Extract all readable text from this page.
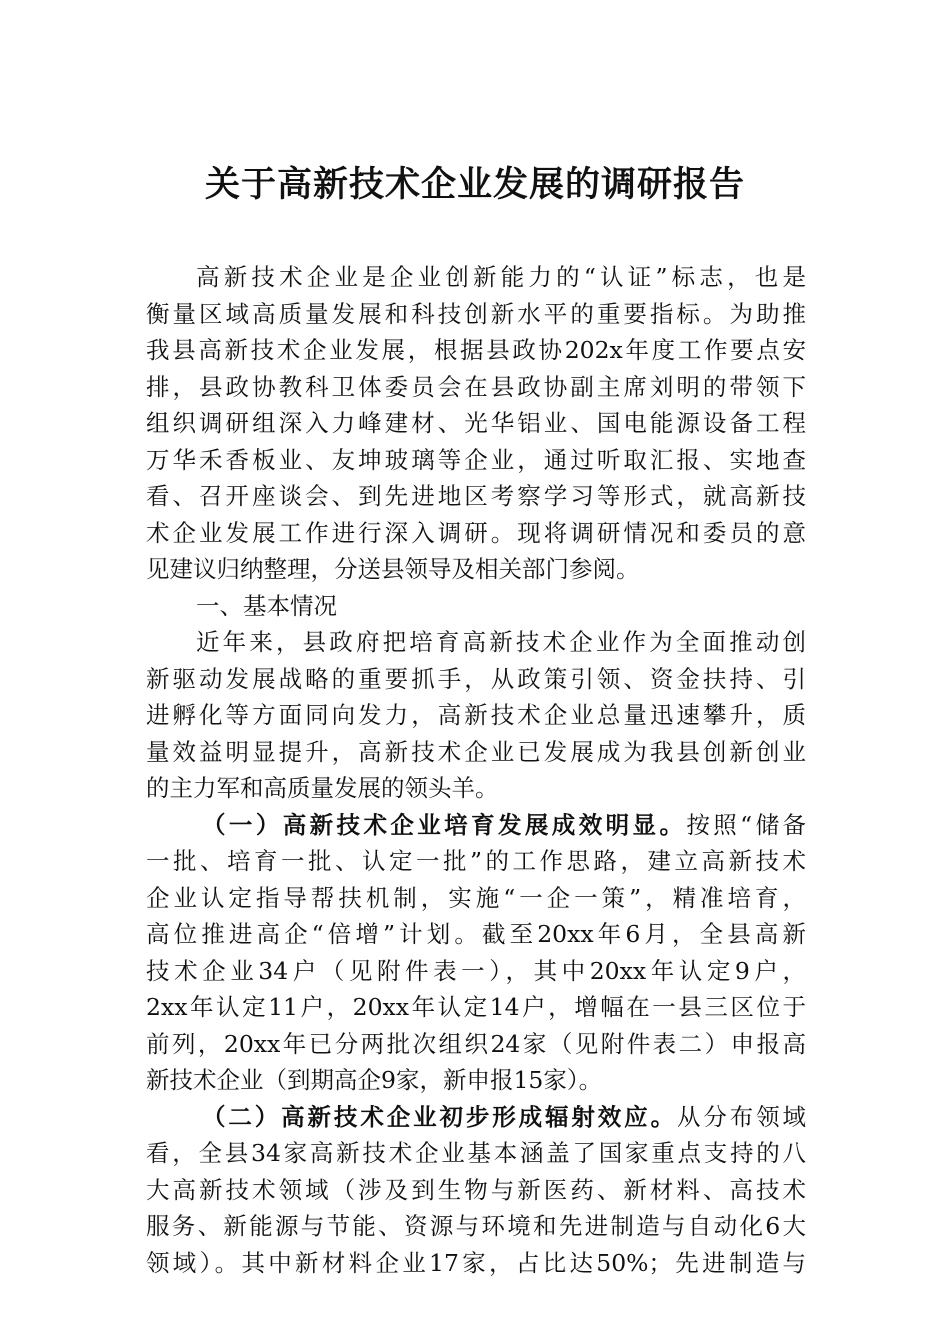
关于高新技术企业发展的调研报告
高新技术企业是企业创新能力的“认证”标志，也是
衡量区域高质量发展和科技创新水平的重要指标。为助推
我县高新技术企业发展，根据县政协202x年度工作要点安
排，县政协教科卫体委员会在县政协副主席刘明的带领下
组织调研组深入力峰建材、光华铝业、国电能源设备工程
万华禾香板业、友坤玻璃等企业，通过听取汇报、实地查
看、召开座谈会、到先进地区考察学习等形式，就高新技
术企业发展工作进行深入调研。现将调研情况和委员的意
见建议归纳整理，分送县领导及相关部门参阅。
一、基本情况
近年来，县政府把培育高新技术企业作为全面推动创
新驱动发展战略的重要抓手，从政策引领、资金扶持、引
进孵化等方面同向发力，高新技术企业总量迅速攀升，质
量效益明显提升，高新技术企业已发展成为我县创新创业
的主力军和高质量发展的领头羊。
（一）高新技术企业培育发展成效明显。按照“储备
一批、培育一批、认定一批”的工作思路，建立高新技术
企业认定指导帮扶机制，实施“一企一策”，精准培育，
高位推进高企“倍增”计划。截至20xx年6月，全县高新
技术企业34户（见附件表一），其中20xx年认定9户，
2xx年认定11户，20xx年认定14户，增幅在一县三区位于
前列，20xx年已分两批次组织24家（见附件表二）申报高
新技术企业（到期高企9家，新申报15家）。
（二）高新技术企业初步形成辐射效应。从分布领域
看，全县34家高新技术企业基本涵盖了国家重点支持的八
大高新技术领域（涉及到生物与新医药、新材料、高技术
服务、新能源与节能、资源与环境和先进制造与自动化6大
领域）。其中新材料企业17家，占比达50%；先进制造与
